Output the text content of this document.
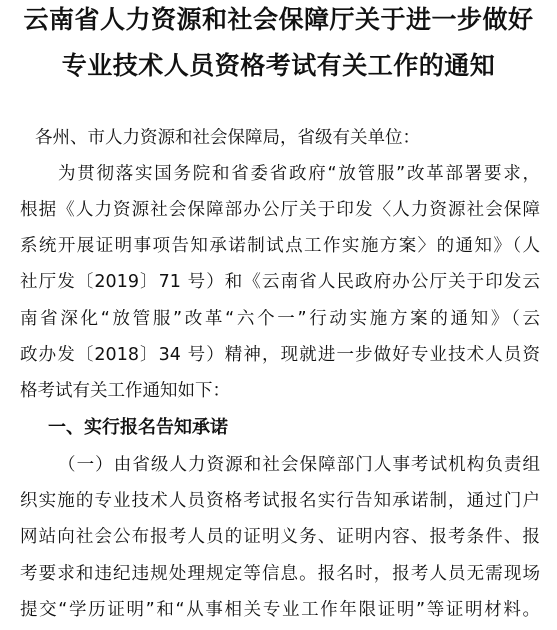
云南省人力资源和社会保障厅关于进一步做好
专业技术人员资格考试有关工作的通知
各州、市人力资源和社会保障局，省级有关单位：
为贯彻落实国务院和省委省政府“放管服”改革部署要求，
根据《人力资源社会保障部办公厅关于印发〈人力资源社会保障
系统开展证明事项告知承诺制试点工作实施方案〉的通知》（人
社厅发〔2019〕71 号）和《云南省人民政府办公厅关于印发云
南省深化“放管服”改革“六个一”行动实施方案的通知》（云
政办发〔2018〕34 号）精神，现就进一步做好专业技术人员资
格考试有关工作通知如下：
一、实行报名告知承诺
（一）由省级人力资源和社会保障部门人事考试机构负责组
织实施的专业技术人员资格考试报名实行告知承诺制，通过门户
网站向社会公布报考人员的证明义务、证明内容、报考条件、报
考要求和违纪违规处理规定等信息。报名时，报考人员无需现场
提交“学历证明”和“从事相关专业工作年限证明”等证明材料。
